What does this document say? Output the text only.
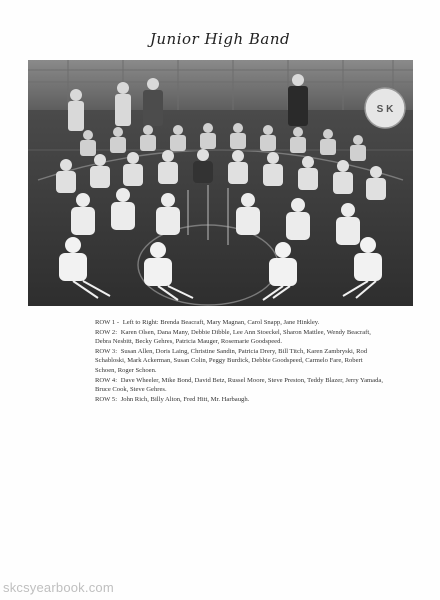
Junior High Band
S K

ROW 1 - Left to Right: Brenda Beacraft, Mary Magnan, Carol Snapp, Jane Hinkley.

ROW 2: Karen Olsen, Dana Many, Debbie Dibble, Lee Ann Stoeckel, Sharon Mattlee, Wendy Beacraft, Debra Nesbitt, Becky Gehres, Patricia Mauger, Rosemarie Goodspeed.

ROW 3: Susan Allen, Doris Laing, Christine Sandin, Patricia Drery, Bill Titch, Karen Zambryski, Rod Schabloski, Mark Ackerman, Susan Colin, Peggy Burdick, Debbie Goodspeed, Carmelo Fare, Robert Schoen, Roger Schoen.

ROW 4: Dave Wheeler, Mike Bond, David Betz, Russel Moore, Steve Preston, Teddy Blazer, Jerry Yamada, Bruce Cook, Steve Gehres.

ROW 5: John Rich, Billy Alton, Fred Hitt, Mr. Harbaugh.

skcsyearbook.com
